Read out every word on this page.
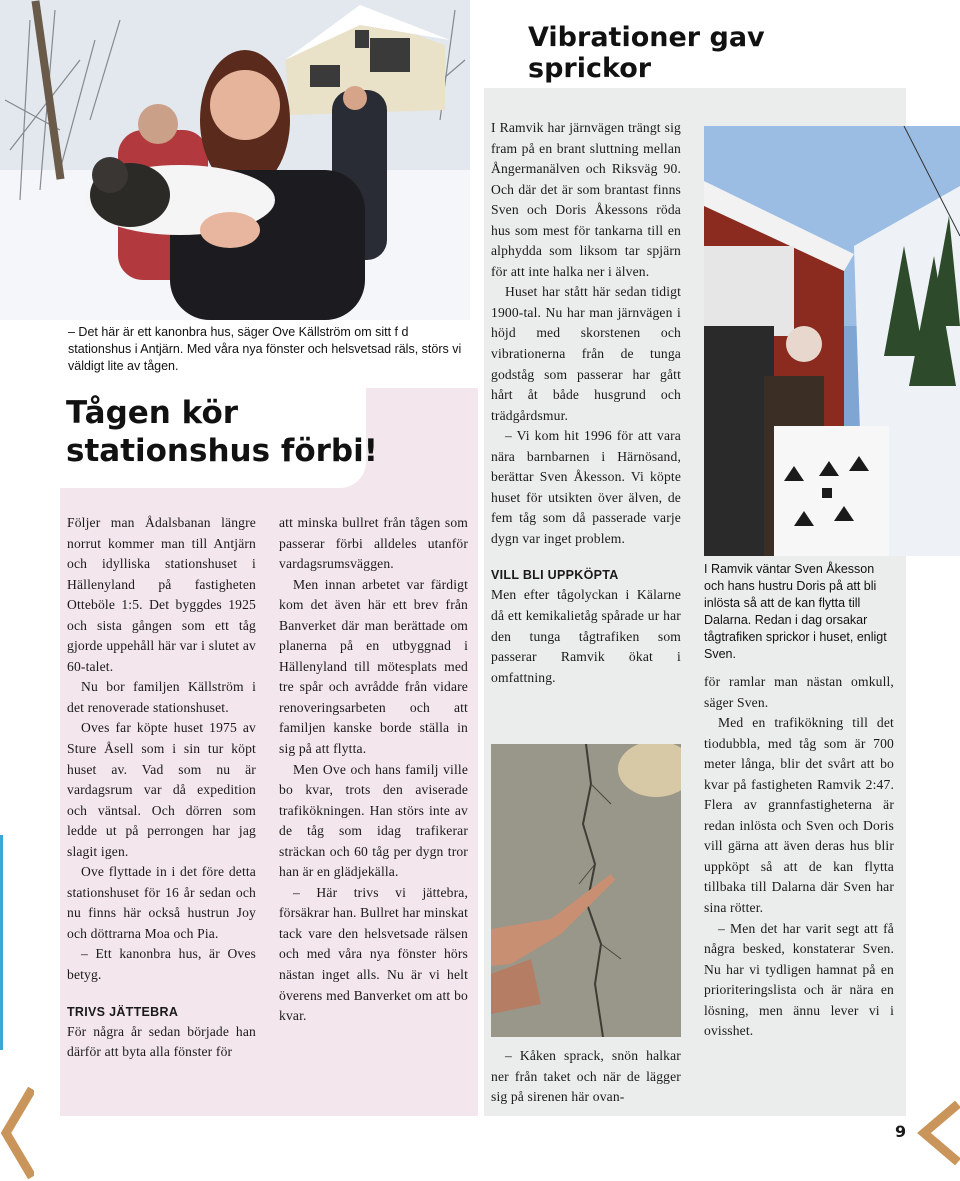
Vibrationer gav sprickor
– Det här är ett kanonbra hus, säger Ove Källström om sitt f d stationshus i Antjärn. Med våra nya fönster och helsvetsad räls, störs vi väldigt lite av tågen.
Tågen kör
stationshus förbi!

Följer man Ådalsbanan längre norrut kommer man till Antjärn och idylliska stationshuset i Hällenyland på fastigheten Otteböle 1:5. Det byggdes 1925 och sista gången som ett tåg gjorde uppehåll här var i slutet av 60-talet.

Nu bor familjen Källström i det renoverade stationshuset.

Oves far köpte huset 1975 av Sture Åsell som i sin tur köpt huset av. Vad som nu är vardagsrum var då expedition och väntsal. Och dörren som ledde ut på perrongen har jag slagit igen.

Ove flyttade in i det före detta stationshuset för 16 år sedan och nu finns här också hustrun Joy och döttrarna Moa och Pia.

– Ett kanonbra hus, är Oves betyg.

TRIVS JÄTTEBRA

För några år sedan började han därför att byta alla fönster för

att minska bullret från tågen som passerar förbi alldeles utanför vardagsrumsväggen.

Men innan arbetet var färdigt kom det även här ett brev från Banverket där man berättade om planerna på en utbyggnad i Hällenyland till mötesplats med tre spår och avrådde från vidare renoveringsarbeten och att familjen kanske borde ställa in sig på att flytta.

Men Ove och hans familj ville bo kvar, trots den aviserade trafikökningen. Han störs inte av de tåg som idag trafikerar sträckan och 60 tåg per dygn tror han är en glädjekälla.

– Här trivs vi jättebra, försäkrar han. Bullret har minskat tack vare den helsvetsade rälsen och med våra nya fönster hörs nästan inget alls. Nu är vi helt överens med Banverket om att bo kvar.

I Ramvik har järnvägen trängt sig fram på en brant sluttning mellan Ångermanälven och Riksväg 90. Och där det är som brantast finns Sven och Doris Åkessons röda hus som mest för tankarna till en alphydda som liksom tar spjärn för att inte halka ner i älven.

Huset har stått här sedan tidigt 1900-tal. Nu har man järnvägen i höjd med skorstenen och vibrationerna från de tunga godståg som passerar har gått hårt åt både husgrund och trädgårdsmur.

– Vi kom hit 1996 för att vara nära barnbarnen i Härnösand, berättar Sven Åkesson. Vi köpte huset för utsikten över älven, de fem tåg som då passerade varje dygn var inget problem.

VILL BLI UPPKÖPTA

Men efter tågolyckan i Kälarne då ett kemikalietåg spårade ur har den tunga tågtrafiken som passerar Ramvik ökat i omfattning.

– Kåken sprack, snön halkar ner från taket och när de lägger sig på sirenen här ovan-

I Ramvik väntar Sven Åkesson och hans hustru Doris på att bli inlösta så att de kan flytta till Dalarna. Redan i dag orsakar tågtrafiken sprickor i huset, enligt Sven.

för ramlar man nästan omkull, säger Sven.

Med en trafikökning till det tiodubbla, med tåg som är 700 meter långa, blir det svårt att bo kvar på fastigheten Ramvik 2:47. Flera av grannfastigheterna är redan inlösta och Sven och Doris vill gärna att även deras hus blir uppköpt så att de kan flytta tillbaka till Dalarna där Sven har sina rötter.

– Men det har varit segt att få några besked, konstaterar Sven. Nu har vi tydligen hamnat på en prioriteringslista och är nära en lösning, men ännu lever vi i ovisshet.

9
